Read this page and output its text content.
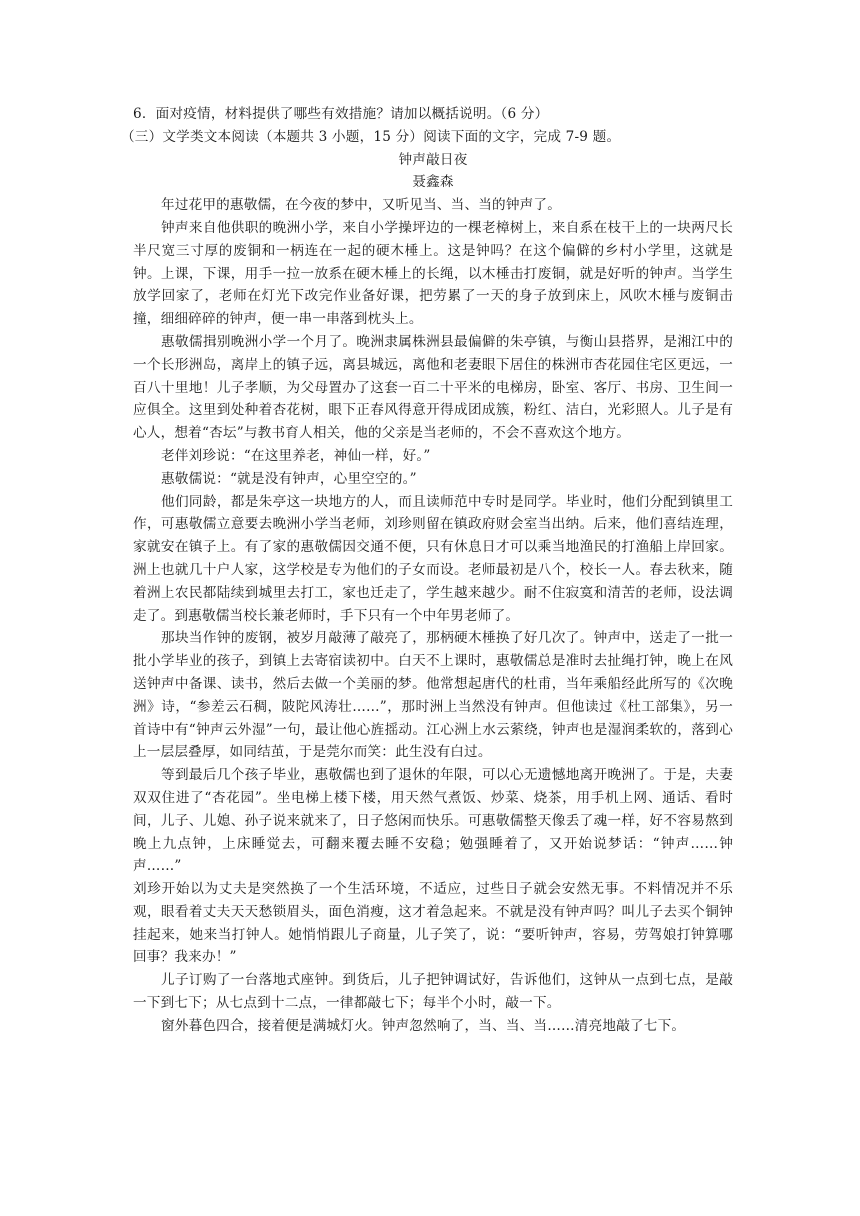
6．面对疫情，材料提供了哪些有效措施？请加以概括说明。（6 分）

（三）文学类文本阅读（本题共 3 小题，15 分）阅读下面的文字，完成 7-9 题。

钟声敲日夜

聂鑫森

年过花甲的惠敬儒，在今夜的梦中，又听见当、当、当的钟声了。

钟声来自他供职的晚洲小学，来自小学操坪边的一棵老樟树上，来自系在枝干上的一块两尺长半尺宽三寸厚的废铜和一柄连在一起的硬木棰上。这是钟吗？在这个偏僻的乡村小学里，这就是钟。上课，下课，用手一拉一放系在硬木棰上的长绳，以木棰击打废铜，就是好听的钟声。当学生放学回家了，老师在灯光下改完作业备好课，把劳累了一天的身子放到床上，风吹木棰与废铜击撞，细细碎碎的钟声，便一串一串落到枕头上。

惠敬儒揖别晚洲小学一个月了。晚洲隶属株洲县最偏僻的朱亭镇，与衡山县搭界，是湘江中的一个长形洲岛，离岸上的镇子远，离县城远，离他和老妻眼下居住的株洲市杏花园住宅区更远，一百八十里地！儿子孝顺，为父母置办了这套一百二十平米的电梯房，卧室、客厅、书房、卫生间一应俱全。这里到处种着杏花树，眼下正春风得意开得成团成簇，粉红、洁白，光彩照人。儿子是有心人，想着“杏坛”与教书育人相关，他的父亲是当老师的，不会不喜欢这个地方。

老伴刘珍说：“在这里养老，神仙一样，好。”

惠敬儒说：“就是没有钟声，心里空空的。”

他们同龄，都是朱亭这一块地方的人，而且读师范中专时是同学。毕业时，他们分配到镇里工作，可惠敬儒立意要去晚洲小学当老师，刘珍则留在镇政府财会室当出纳。后来，他们喜结连理，家就安在镇子上。有了家的惠敬儒因交通不便，只有休息日才可以乘当地渔民的打渔船上岸回家。洲上也就几十户人家，这学校是专为他们的子女而设。老师最初是八个，校长一人。春去秋来，随着洲上农民都陆续到城里去打工，家也迁走了，学生越来越少。耐不住寂寞和清苦的老师，设法调走了。到惠敬儒当校长兼老师时，手下只有一个中年男老师了。

那块当作钟的废钢，被岁月敲薄了敲亮了，那柄硬木棰换了好几次了。钟声中，送走了一批一批小学毕业的孩子，到镇上去寄宿读初中。白天不上课时，惠敬儒总是准时去扯绳打钟，晚上在风送钟声中备课、读书，然后去做一个美丽的梦。他常想起唐代的杜甫，当年乘船经此所写的《次晚洲》诗，“参差云石稠，陂陀风涛壮……”，那时洲上当然没有钟声。但他读过《杜工部集》，另一首诗中有“钟声云外湿”一句，最让他心旌摇动。江心洲上水云萦绕，钟声也是湿润柔软的，落到心上一层层叠厚，如同结茧，于是莞尔而笑：此生没有白过。

等到最后几个孩子毕业，惠敬儒也到了退休的年限，可以心无遗憾地离开晚洲了。于是，夫妻双双住进了“杏花园”。坐电梯上楼下楼，用天然气煮饭、炒菜、烧茶，用手机上网、通话、看时间，儿子、儿媳、孙子说来就来了，日子悠闲而快乐。可惠敬儒整天像丢了魂一样，好不容易熬到晚上九点钟，上床睡觉去，可翻来覆去睡不安稳；勉强睡着了，又开始说梦话：“钟声……钟声……”

刘珍开始以为丈夫是突然换了一个生活环境，不适应，过些日子就会安然无事。不料情况并不乐观，眼看着丈夫天天愁锁眉头，面色消瘦，这才着急起来。不就是没有钟声吗？叫儿子去买个铜钟挂起来，她来当打钟人。她悄悄跟儿子商量，儿子笑了，说：“要听钟声，容易，劳驾娘打钟算哪回事？我来办！”

儿子订购了一台落地式座钟。到货后，儿子把钟调试好，告诉他们，这钟从一点到七点，是敲一下到七下；从七点到十二点，一律都敲七下；每半个小时，敲一下。

窗外暮色四合，接着便是满城灯火。钟声忽然响了，当、当、当……清亮地敲了七下。
